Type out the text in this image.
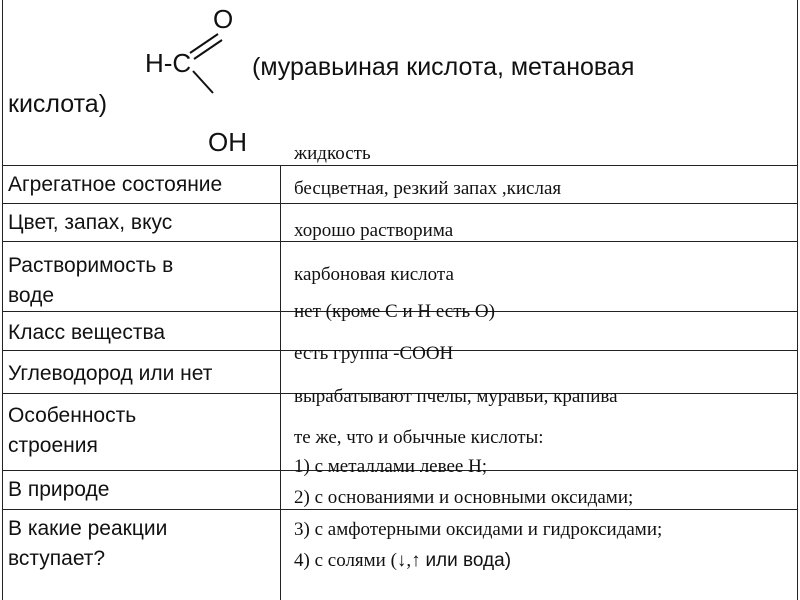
O
H-C
OH
(муравьиная кислота, метановая
кислота)
Агрегатное состояние
Цвет, запах, вкус
Растворимость в
воде
Класс вещества
Углеводород или нет
Особенность
строения
В природе
В какие реакции
вступает?
жидкость
бесцветная, резкий запах ,кислая
хорошо растворима
карбоновая кислота
нет (кроме С и Н есть О)
есть группа -СООН
вырабатывают пчелы, муравьи, крапива
те же, что и обычные кислоты:
1) с металлами левее Н;
2) с основаниями и основными оксидами;
3) с амфотерными оксидами и гидроксидами;
4) с солями (↓,↑ или вода)
